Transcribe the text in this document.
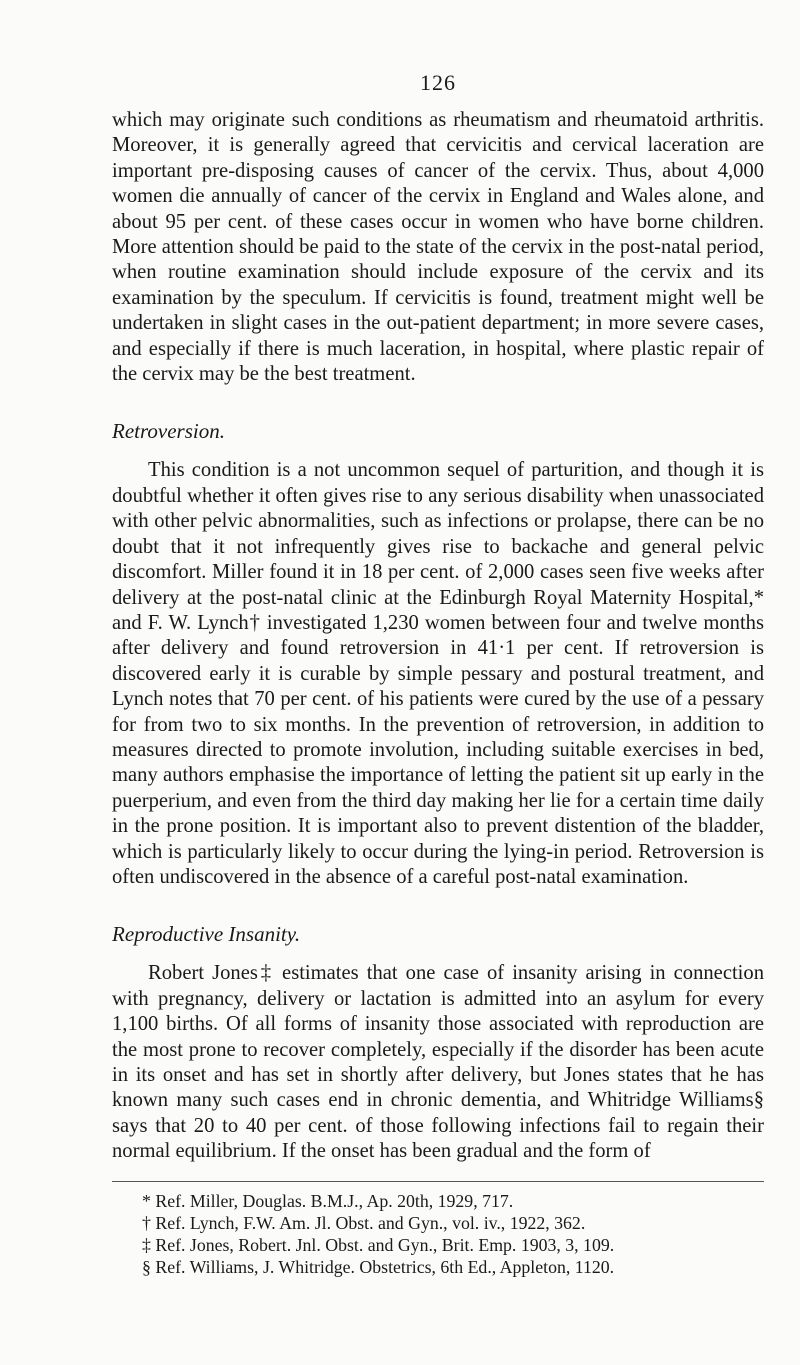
126

which may originate such conditions as rheumatism and rheumatoid arthritis. Moreover, it is generally agreed that cervicitis and cervical laceration are important pre-disposing causes of cancer of the cervix. Thus, about 4,000 women die annually of cancer of the cervix in England and Wales alone, and about 95 per cent. of these cases occur in women who have borne children. More attention should be paid to the state of the cervix in the post-natal period, when routine examination should include exposure of the cervix and its examination by the speculum. If cervicitis is found, treatment might well be undertaken in slight cases in the out-patient department; in more severe cases, and especially if there is much laceration, in hospital, where plastic repair of the cervix may be the best treatment.

Retroversion.

This condition is a not uncommon sequel of parturition, and though it is doubtful whether it often gives rise to any serious disability when unassociated with other pelvic abnormalities, such as infections or prolapse, there can be no doubt that it not infrequently gives rise to backache and general pelvic discomfort. Miller found it in 18 per cent. of 2,000 cases seen five weeks after delivery at the post-natal clinic at the Edinburgh Royal Maternity Hospital,* and F. W. Lynch† investigated 1,230 women between four and twelve months after delivery and found retroversion in 41·1 per cent. If retroversion is discovered early it is curable by simple pessary and postural treatment, and Lynch notes that 70 per cent. of his patients were cured by the use of a pessary for from two to six months. In the prevention of retroversion, in addition to measures directed to promote involution, including suitable exercises in bed, many authors emphasise the importance of letting the patient sit up early in the puerperium, and even from the third day making her lie for a certain time daily in the prone position. It is important also to prevent distention of the bladder, which is particularly likely to occur during the lying-in period. Retroversion is often undiscovered in the absence of a careful post-natal examination.

Reproductive Insanity.

Robert Jones‡ estimates that one case of insanity arising in connection with pregnancy, delivery or lactation is admitted into an asylum for every 1,100 births. Of all forms of insanity those associated with reproduction are the most prone to recover completely, especially if the disorder has been acute in its onset and has set in shortly after delivery, but Jones states that he has known many such cases end in chronic dementia, and Whitridge Williams§ says that 20 to 40 per cent. of those following infections fail to regain their normal equilibrium. If the onset has been gradual and the form of

* Ref. Miller, Douglas. B.M.J., Ap. 20th, 1929, 717.

† Ref. Lynch, F.W. Am. Jl. Obst. and Gyn., vol. iv., 1922, 362.

‡ Ref. Jones, Robert. Jnl. Obst. and Gyn., Brit. Emp. 1903, 3, 109.

§ Ref. Williams, J. Whitridge. Obstetrics, 6th Ed., Appleton, 1120.
